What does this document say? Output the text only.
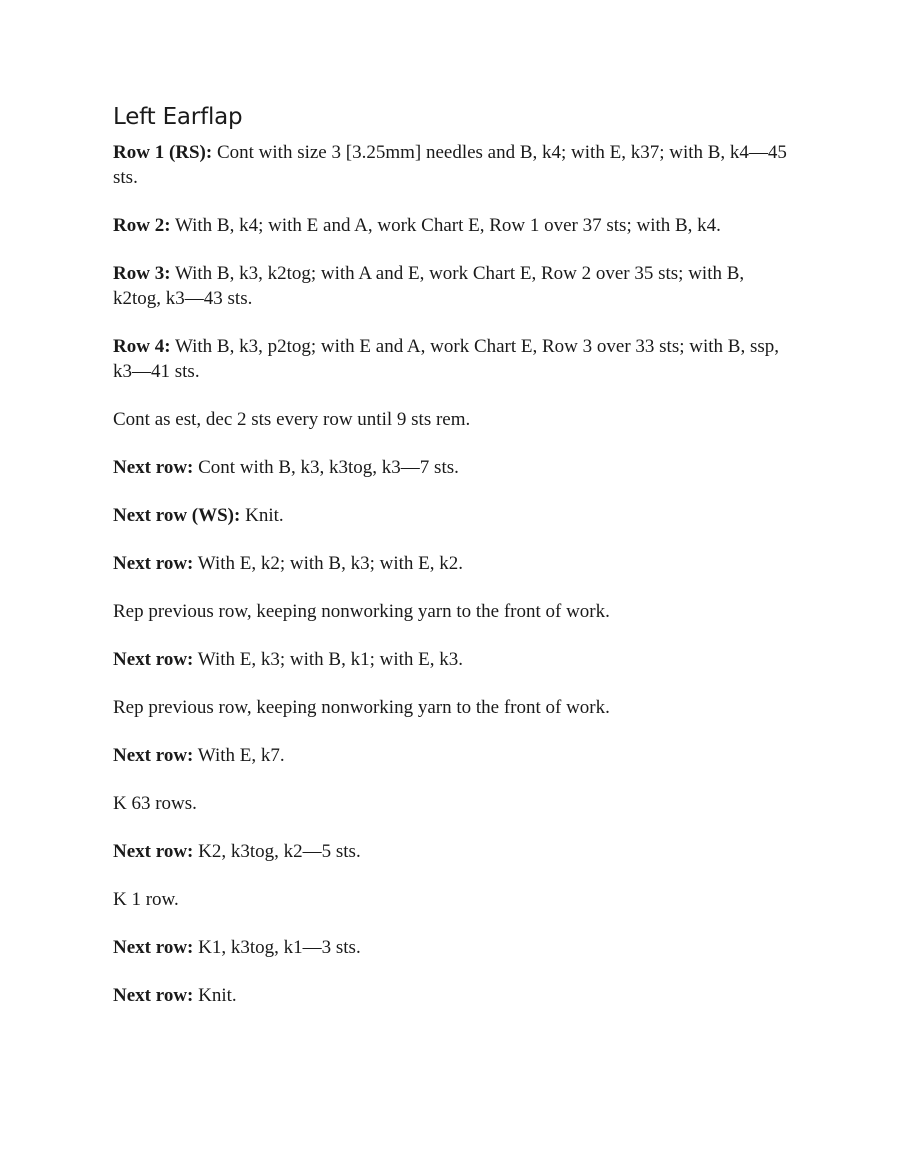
Left Earflap

Row 1 (RS): Cont with size 3 [3.25mm] needles and B, k4; with E, k37; with B, k4—45 sts.

Row 2: With B, k4; with E and A, work Chart E, Row 1 over 37 sts; with B, k4.

Row 3: With B, k3, k2tog; with A and E, work Chart E, Row 2 over 35 sts; with B, k2tog, k3—43 sts.

Row 4: With B, k3, p2tog; with E and A, work Chart E, Row 3 over 33 sts; with B, ssp, k3—41 sts.

Cont as est, dec 2 sts every row until 9 sts rem.

Next row: Cont with B, k3, k3tog, k3—7 sts.

Next row (WS): Knit.

Next row: With E, k2; with B, k3; with E, k2.

Rep previous row, keeping nonworking yarn to the front of work.

Next row: With E, k3; with B, k1; with E, k3.

Rep previous row, keeping nonworking yarn to the front of work.

Next row: With E, k7.

K 63 rows.

Next row: K2, k3tog, k2—5 sts.

K 1 row.

Next row: K1, k3tog, k1—3 sts.

Next row: Knit.
